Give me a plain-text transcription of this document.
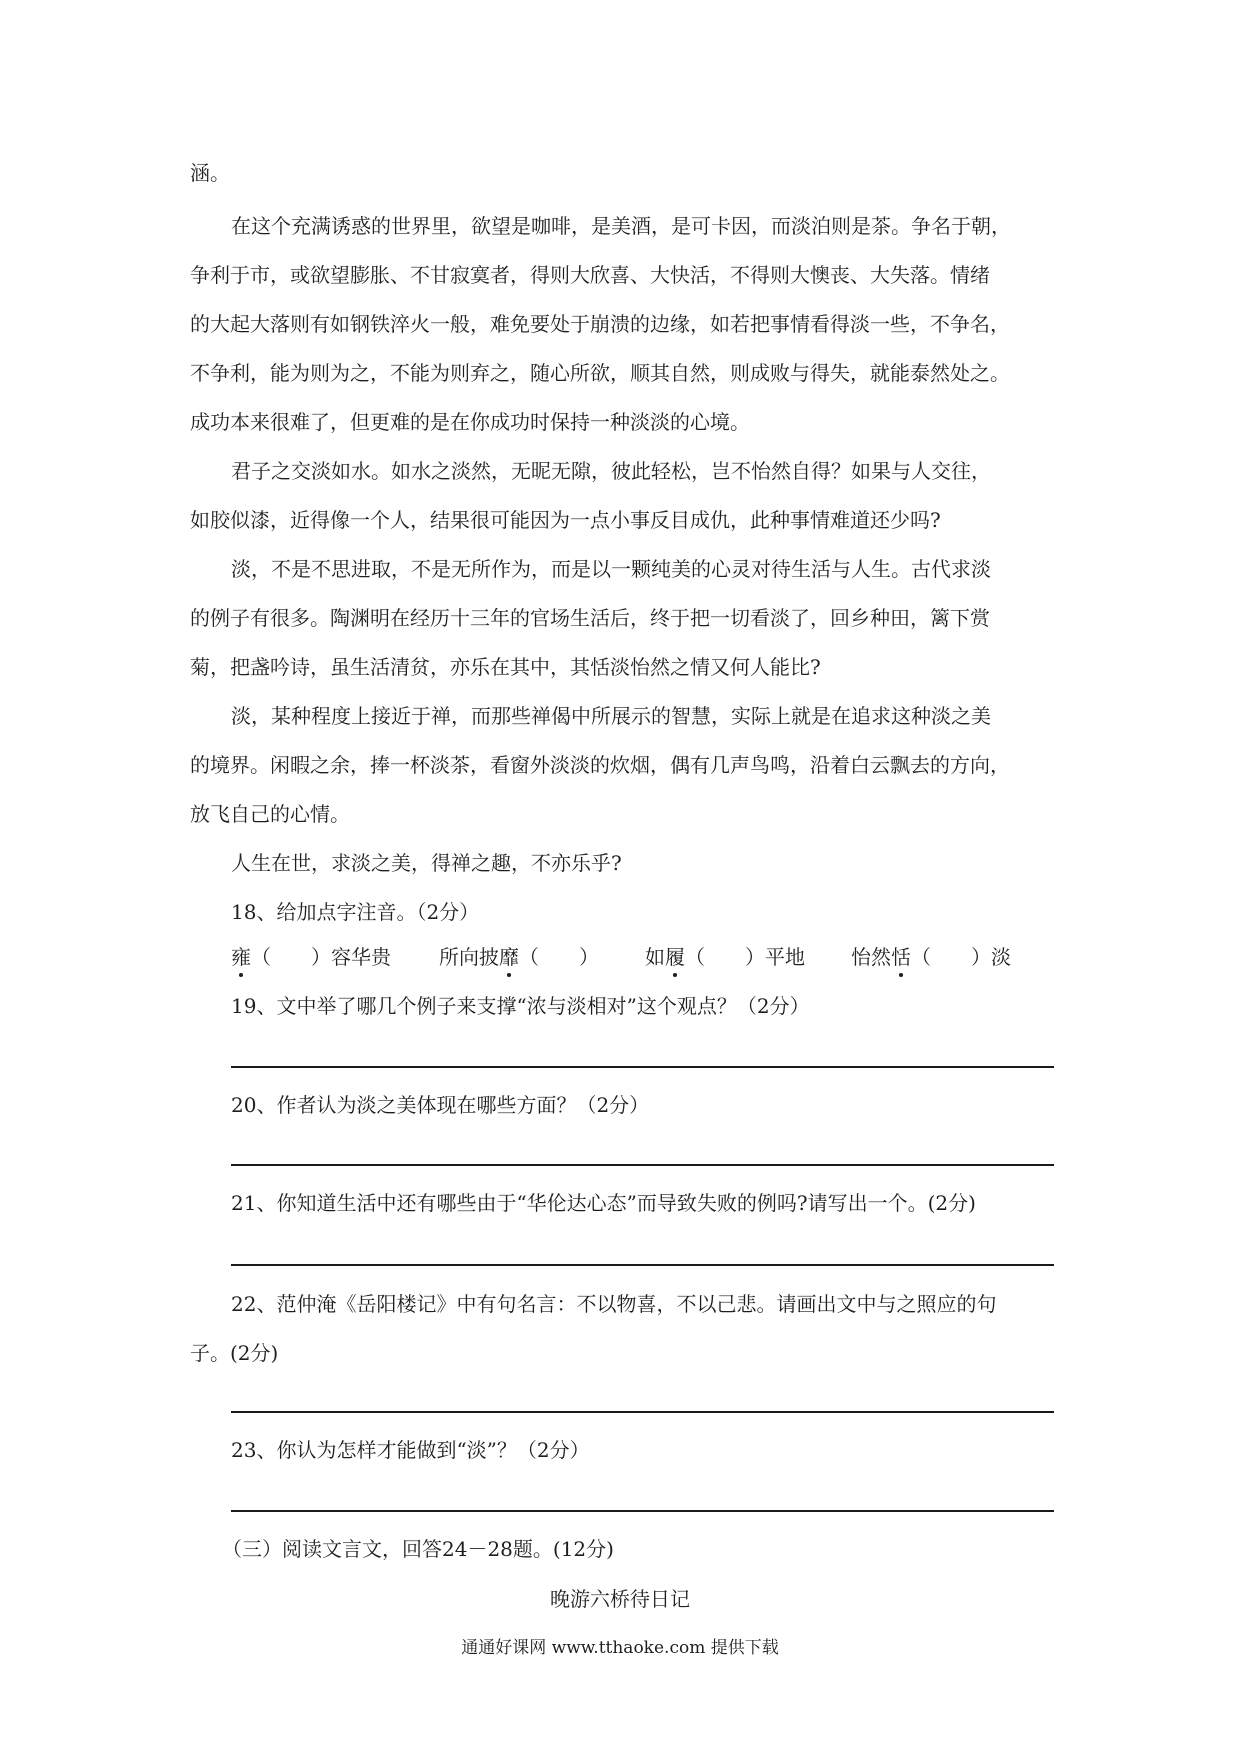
涵。
在这个充满诱惑的世界里，欲望是咖啡，是美酒，是可卡因，而淡泊则是茶。争名于朝，
争利于市，或欲望膨胀、不甘寂寞者，得则大欣喜、大快活，不得则大懊丧、大失落。情绪
的大起大落则有如钢铁淬火一般，难免要处于崩溃的边缘，如若把事情看得淡一些，不争名，
不争利，能为则为之，不能为则弃之，随心所欲，顺其自然，则成败与得失，就能泰然处之。
成功本来很难了，但更难的是在你成功时保持一种淡淡的心境。
君子之交淡如水。如水之淡然，无昵无隙，彼此轻松，岂不怡然自得？如果与人交往，
如胶似漆，近得像一个人，结果很可能因为一点小事反目成仇，此种事情难道还少吗?
淡，不是不思进取，不是无所作为，而是以一颗纯美的心灵对待生活与人生。古代求淡
的例子有很多。陶渊明在经历十三年的官场生活后，终于把一切看淡了，回乡种田，篱下赏
菊，把盏吟诗，虽生活清贫，亦乐在其中，其恬淡怡然之情又何人能比?
淡，某种程度上接近于禅，而那些禅偈中所展示的智慧，实际上就是在追求这种淡之美
的境界。闲暇之余，捧一杯淡茶，看窗外淡淡的炊烟，偶有几声鸟鸣，沿着白云飘去的方向，
放飞自己的心情。
人生在世，求淡之美，得禅之趣，不亦乐乎?
18、给加点字注音。（2分）
雍（　　）容华贵 所向披靡（　　） 如履（　　）平地 怡然恬（　　）淡
19、文中举了哪几个例子来支撑“浓与淡相对”这个观点？（2分）
20、作者认为淡之美体现在哪些方面？（2分）
21、你知道生活中还有哪些由于“华伦达心态”而导致失败的例吗?请写出一个。(2分)
22、范仲淹《岳阳楼记》中有句名言：不以物喜，不以己悲。请画出文中与之照应的句
子。(2分)
23、你认为怎样才能做到“淡”？（2分）
（三）阅读文言文，回答24－28题。(12分)
晚游六桥待日记
通通好课网 www.tthaoke.com 提供下载
